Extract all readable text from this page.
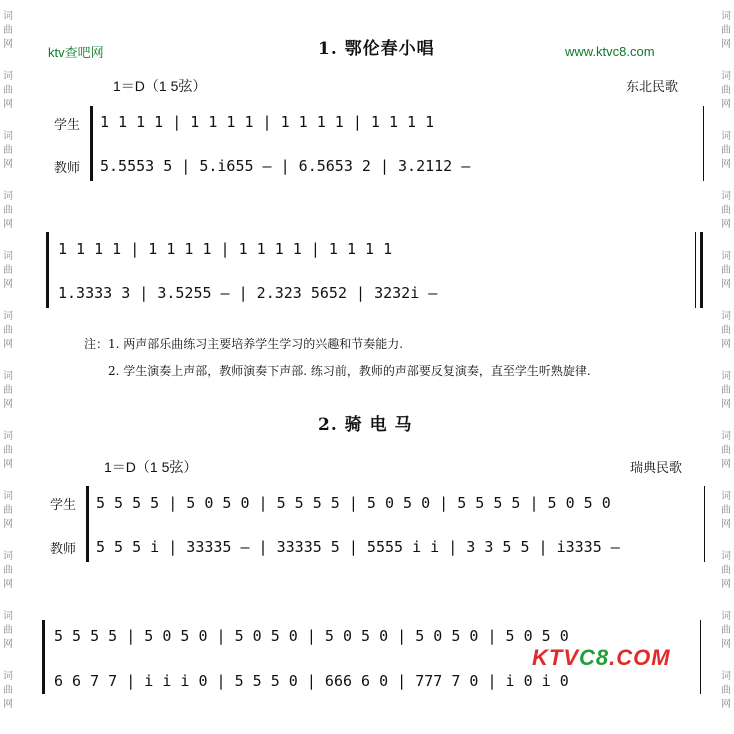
词
曲
网
词
曲
网
词
曲
网
词
曲
网
词
曲
网
词
曲
网
词
曲
网
词
曲
网
词
曲
网
词
曲
网
词
曲
网
词
曲
网
词
曲
网
词
曲
网
词
曲
网
词
曲
网
词
曲
网
词
曲
网
词
曲
网
词
曲
网
词
曲
网
词
曲
网
词
曲
网
词
曲
网
ktv查吧网	www.ktvc8.com
1. 鄂伦春小唱
1＝D（1 5弦）	东北民歌
学生
教师
1 1 1 1 | 1 1 1 1 | 1 1 1 1 | 1 1 1 1
5.5553 5 | 5.i655 – | 6.5653 2 | 3.2112 –
1 1 1 1 | 1 1 1 1 | 1 1 1 1 | 1 1 1 1
1.3333 3 | 3.5255 – | 2.323 5652 | 3232i –
注： 1. 两声部乐曲练习主要培养学生学习的兴趣和节奏能力.
2. 学生演奏上声部，教师演奏下声部. 练习前，教师的声部要反复演奏，直至学生听熟旋律.
2. 骑 电 马
1＝D（1 5弦）	瑞典民歌
学生
教师
5 5 5 5 | 5 0 5 0 | 5 5 5 5 | 5 0 5 0 | 5 5 5 5 | 5 0 5 0
5 5 5 i | 33335 – | 33335 5 | 5555 i i | 3 3 5 5 | i3335 –
5 5 5 5 | 5 0 5 0 | 5 0 5 0 | 5 0 5 0 | 5 0 5 0 | 5 0 5 0
6 6 7 7 | i i i 0 | 5 5 5 0 | 666 6 0 | 777 7 0 | i 0 i 0
KTVC8.COM
